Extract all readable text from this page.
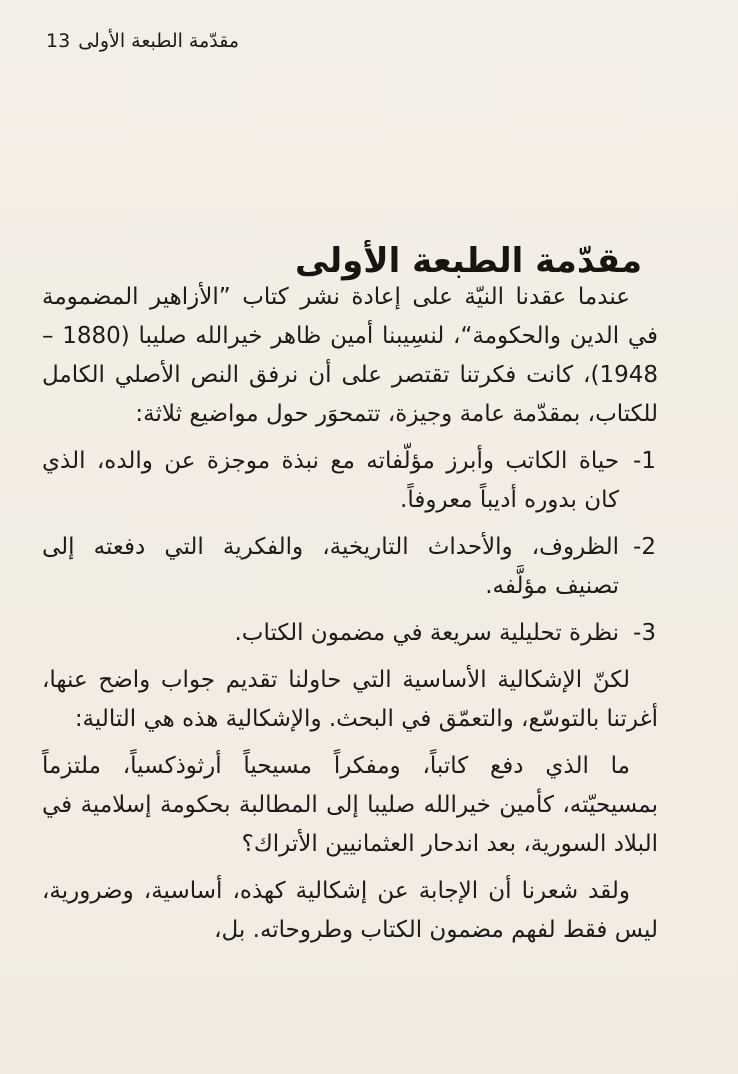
مقدّمة الطبعة الأولى
13
مقدّمة الطبعة الأولى

عندما عقدنا النيّة على إعادة نشر كتاب ”الأزاهير المضمومة في الدين والحكومة“، لنسِيبنا أمين ظاهر خيرالله صليبا (1880 – 1948)، كانت فكرتنا تقتصر على أن نرفق النص الأصلي الكامل للكتاب، بمقدّمة عامة وجيزة، تتمحوَر حول مواضيع ثلاثة:

1-
حياة الكاتب وأبرز مؤلّفاته مع نبذة موجزة عن والده، الذي كان بدوره أديباً معروفاً.
2-
الظروف، والأحداث التاريخية، والفكرية التي دفعته إلى تصنيف مؤلَّفه.
3-
نظرة تحليلية سريعة في مضمون الكتاب.

لكنّ الإشكالية الأساسية التي حاولنا تقديم جواب واضح عنها، أغرتنا بالتوسّع، والتعمّق في البحث. والإشكالية هذه هي التالية:

ما الذي دفع كاتباً، ومفكراً مسيحياً أرثوذكسياً، ملتزماً بمسيحيّته، كأمين خيرالله صليبا إلى المطالبة بحكومة إسلامية في البلاد السورية، بعد اندحار العثمانيين الأتراك؟

ولقد شعرنا أن الإجابة عن إشكالية كهذه، أساسية، وضرورية، ليس فقط لفهم مضمون الكتاب وطروحاته. بل،
